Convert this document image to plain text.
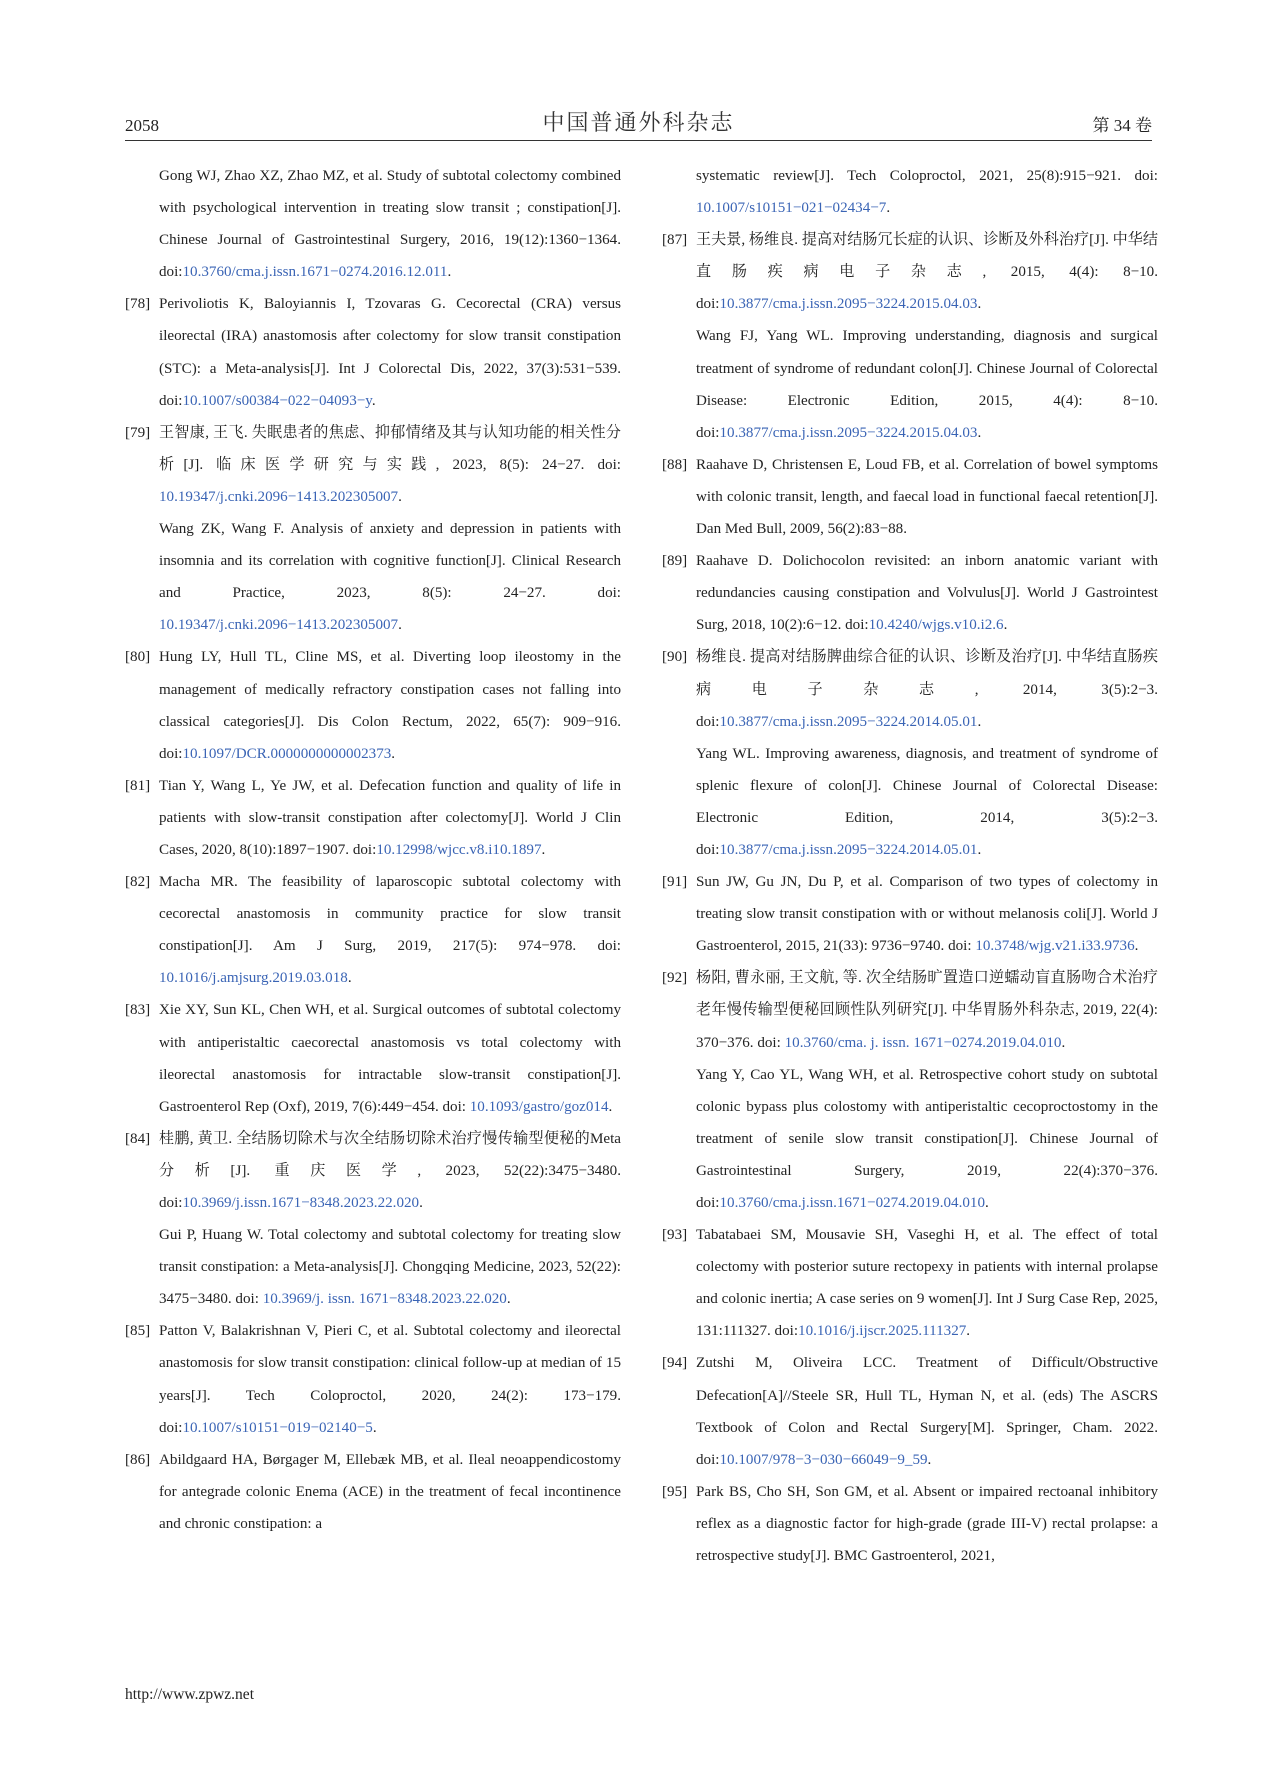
2058	中国普通外科杂志	第 34 卷
Gong WJ, Zhao XZ, Zhao MZ, et al. Study of subtotal colectomy combined with psychological intervention in treating slow transit ; constipation[J]. Chinese Journal of Gastrointestinal Surgery, 2016, 19(12):1360−1364. doi:10.3760/cma.j.issn.1671−0274.2016.12.011.
[78] Perivoliotis K, Baloyiannis I, Tzovaras G. Cecorectal (CRA) versus ileorectal (IRA) anastomosis after colectomy for slow transit constipation (STC): a Meta-analysis[J]. Int J Colorectal Dis, 2022, 37(3):531−539. doi:10.1007/s00384−022−04093−y.
[79] 王智康, 王飞. 失眠患者的焦虑、抑郁情绪及其与认知功能的相关性分析[J]. 临床医学研究与实践, 2023, 8(5): 24−27. doi: 10.19347/j.cnki.2096−1413.202305007.
Wang ZK, Wang F. Analysis of anxiety and depression in patients with insomnia and its correlation with cognitive function[J]. Clinical Research and Practice, 2023, 8(5): 24−27. doi: 10.19347/j.cnki.2096−1413.202305007.
[80] Hung LY, Hull TL, Cline MS, et al. Diverting loop ileostomy in the management of medically refractory constipation cases not falling into classical categories[J]. Dis Colon Rectum, 2022, 65(7): 909−916. doi:10.1097/DCR.0000000000002373.
[81] Tian Y, Wang L, Ye JW, et al. Defecation function and quality of life in patients with slow-transit constipation after colectomy[J]. World J Clin Cases, 2020, 8(10):1897−1907. doi:10.12998/wjcc.v8.i10.1897.
[82] Macha MR. The feasibility of laparoscopic subtotal colectomy with cecorectal anastomosis in community practice for slow transit constipation[J]. Am J Surg, 2019, 217(5): 974−978. doi: 10.1016/j.amjsurg.2019.03.018.
[83] Xie XY, Sun KL, Chen WH, et al. Surgical outcomes of subtotal colectomy with antiperistaltic caecorectal anastomosis vs total colectomy with ileorectal anastomosis for intractable slow-transit constipation[J]. Gastroenterol Rep (Oxf), 2019, 7(6):449−454. doi: 10.1093/gastro/goz014.
[84] 桂鹏, 黄卫. 全结肠切除术与次全结肠切除术治疗慢传输型便秘的Meta分析[J]. 重庆医学, 2023, 52(22):3475−3480. doi:10.3969/j.issn.1671−8348.2023.22.020.
Gui P, Huang W. Total colectomy and subtotal colectomy for treating slow transit constipation: a Meta-analysis[J]. Chongqing Medicine, 2023, 52(22): 3475−3480. doi: 10.3969/j. issn. 1671−8348.2023.22.020.
[85] Patton V, Balakrishnan V, Pieri C, et al. Subtotal colectomy and ileorectal anastomosis for slow transit constipation: clinical follow-up at median of 15 years[J]. Tech Coloproctol, 2020, 24(2): 173−179. doi:10.1007/s10151−019−02140−5.
[86] Abildgaard HA, Børgager M, Ellebæk MB, et al. Ileal neoappendicostomy for antegrade colonic Enema (ACE) in the treatment of fecal incontinence and chronic constipation: a
systematic review[J]. Tech Coloproctol, 2021, 25(8):915−921. doi: 10.1007/s10151−021−02434−7.
[87] 王夫景, 杨维良. 提高对结肠冗长症的认识、诊断及外科治疗[J]. 中华结直肠疾病电子杂志, 2015, 4(4): 8−10. doi:10.3877/cma.j.issn.2095−3224.2015.04.03.
Wang FJ, Yang WL. Improving understanding, diagnosis and surgical treatment of syndrome of redundant colon[J]. Chinese Journal of Colorectal Disease: Electronic Edition, 2015, 4(4): 8−10. doi:10.3877/cma.j.issn.2095−3224.2015.04.03.
[88] Raahave D, Christensen E, Loud FB, et al. Correlation of bowel symptoms with colonic transit, length, and faecal load in functional faecal retention[J]. Dan Med Bull, 2009, 56(2):83−88.
[89] Raahave D. Dolichocolon revisited: an inborn anatomic variant with redundancies causing constipation and Volvulus[J]. World J Gastrointest Surg, 2018, 10(2):6−12. doi:10.4240/wjgs.v10.i2.6.
[90] 杨维良. 提高对结肠脾曲综合征的认识、诊断及治疗[J]. 中华结直肠疾病电子杂志, 2014, 3(5):2−3. doi:10.3877/cma.j.issn.2095−3224.2014.05.01.
Yang WL. Improving awareness, diagnosis, and treatment of syndrome of splenic flexure of colon[J]. Chinese Journal of Colorectal Disease: Electronic Edition, 2014, 3(5):2−3. doi:10.3877/cma.j.issn.2095−3224.2014.05.01.
[91] Sun JW, Gu JN, Du P, et al. Comparison of two types of colectomy in treating slow transit constipation with or without melanosis coli[J]. World J Gastroenterol, 2015, 21(33): 9736−9740. doi: 10.3748/wjg.v21.i33.9736.
[92] 杨阳, 曹永丽, 王文航, 等. 次全结肠旷置造口逆蠕动盲直肠吻合术治疗老年慢传输型便秘回顾性队列研究[J]. 中华胃肠外科杂志, 2019, 22(4): 370−376. doi: 10.3760/cma. j. issn. 1671−0274.2019.04.010.
Yang Y, Cao YL, Wang WH, et al. Retrospective cohort study on subtotal colonic bypass plus colostomy with antiperistaltic cecoproctostomy in the treatment of senile slow transit constipation[J]. Chinese Journal of Gastrointestinal Surgery, 2019, 22(4):370−376. doi:10.3760/cma.j.issn.1671−0274.2019.04.010.
[93] Tabatabaei SM, Mousavie SH, Vaseghi H, et al. The effect of total colectomy with posterior suture rectopexy in patients with internal prolapse and colonic inertia; A case series on 9 women[J]. Int J Surg Case Rep, 2025, 131:111327. doi:10.1016/j.ijscr.2025.111327.
[94] Zutshi M, Oliveira LCC. Treatment of Difficult/Obstructive Defecation[A]//Steele SR, Hull TL, Hyman N, et al. (eds) The ASCRS Textbook of Colon and Rectal Surgery[M]. Springer, Cham. 2022. doi:10.1007/978−3−030−66049−9_59.
[95] Park BS, Cho SH, Son GM, et al. Absent or impaired rectoanal inhibitory reflex as a diagnostic factor for high-grade (grade III-V) rectal prolapse: a retrospective study[J]. BMC Gastroenterol, 2021,
http://www.zpwz.net
